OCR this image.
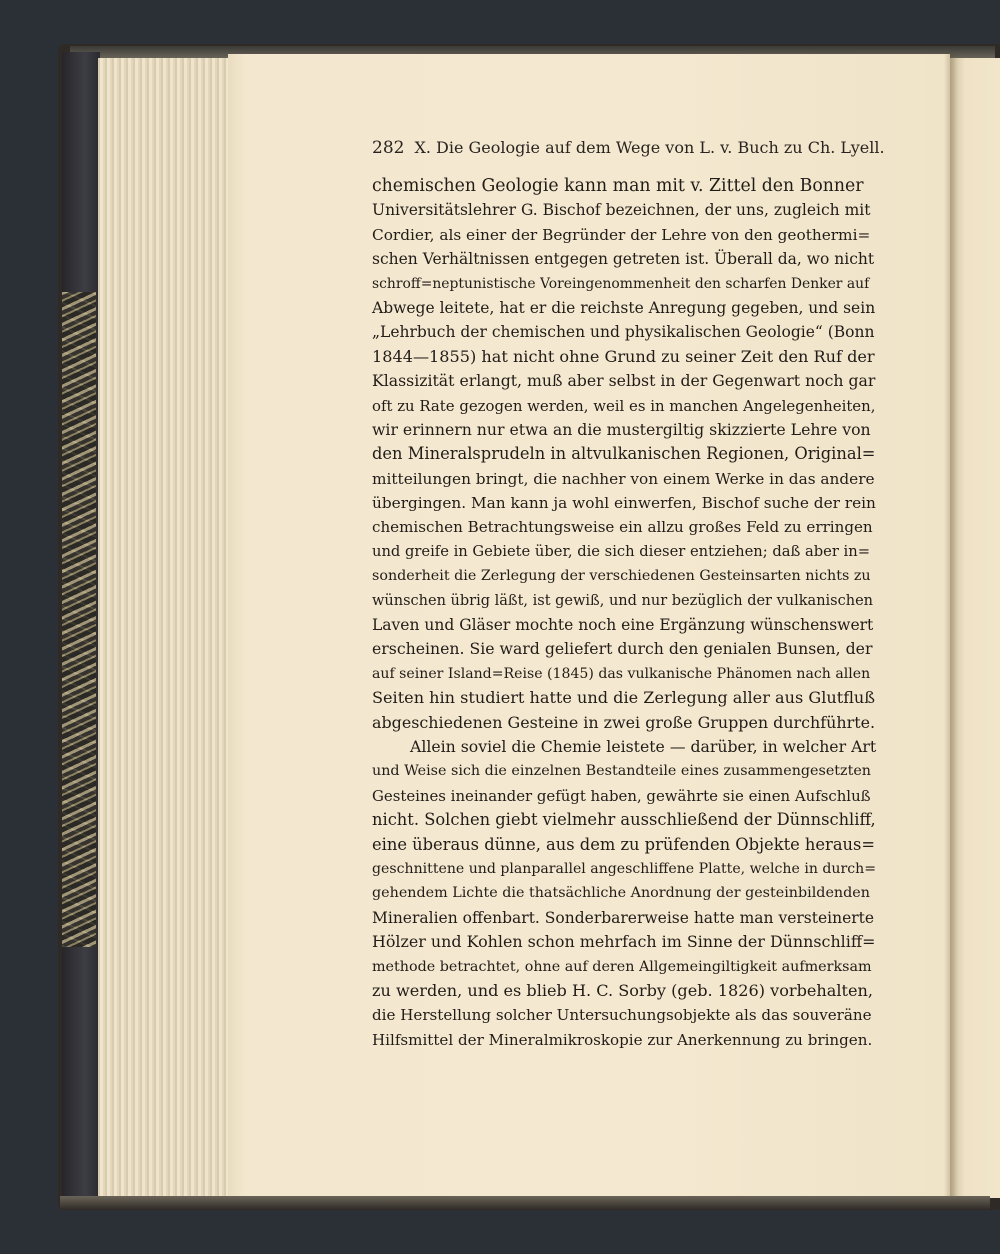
282 X. Die Geologie auf dem Wege von L. v. Buch zu Ch. Lyell.
chemischen Geologie kann man mit v. Zittel den Bonner
Universitätslehrer G. Bischof bezeichnen, der uns, zugleich mit
Cordier, als einer der Begründer der Lehre von den geothermi=
schen Verhältnissen entgegen getreten ist. Überall da, wo nicht
schroff=neptunistische Voreingenommenheit den scharfen Denker auf
Abwege leitete, hat er die reichste Anregung gegeben, und sein
„Lehrbuch der chemischen und physikalischen Geologie“ (Bonn
1844—1855) hat nicht ohne Grund zu seiner Zeit den Ruf der
Klassizität erlangt, muß aber selbst in der Gegenwart noch gar
oft zu Rate gezogen werden, weil es in manchen Angelegenheiten,
wir erinnern nur etwa an die mustergiltig skizzierte Lehre von
den Mineralsprudeln in altvulkanischen Regionen, Original=
mitteilungen bringt, die nachher von einem Werke in das andere
übergingen. Man kann ja wohl einwerfen, Bischof suche der rein
chemischen Betrachtungsweise ein allzu großes Feld zu erringen
und greife in Gebiete über, die sich dieser entziehen; daß aber in=
sonderheit die Zerlegung der verschiedenen Gesteinsarten nichts zu
wünschen übrig läßt, ist gewiß, und nur bezüglich der vulkanischen
Laven und Gläser mochte noch eine Ergänzung wünschenswert
erscheinen. Sie ward geliefert durch den genialen Bunsen, der
auf seiner Island=Reise (1845) das vulkanische Phänomen nach allen
Seiten hin studiert hatte und die Zerlegung aller aus Glutfluß
abgeschiedenen Gesteine in zwei große Gruppen durchführte.
Allein soviel die Chemie leistete — darüber, in welcher Art
und Weise sich die einzelnen Bestandteile eines zusammengesetzten
Gesteines ineinander gefügt haben, gewährte sie einen Aufschluß
nicht. Solchen giebt vielmehr ausschließend der Dünnschliff,
eine überaus dünne, aus dem zu prüfenden Objekte heraus=
geschnittene und planparallel angeschliffene Platte, welche in durch=
gehendem Lichte die thatsächliche Anordnung der gesteinbildenden
Mineralien offenbart. Sonderbarerweise hatte man versteinerte
Hölzer und Kohlen schon mehrfach im Sinne der Dünnschliff=
methode betrachtet, ohne auf deren Allgemeingiltigkeit aufmerksam
zu werden, und es blieb H. C. Sorby (geb. 1826) vorbehalten,
die Herstellung solcher Untersuchungsobjekte als das souveräne
Hilfsmittel der Mineralmikroskopie zur Anerkennung zu bringen.
